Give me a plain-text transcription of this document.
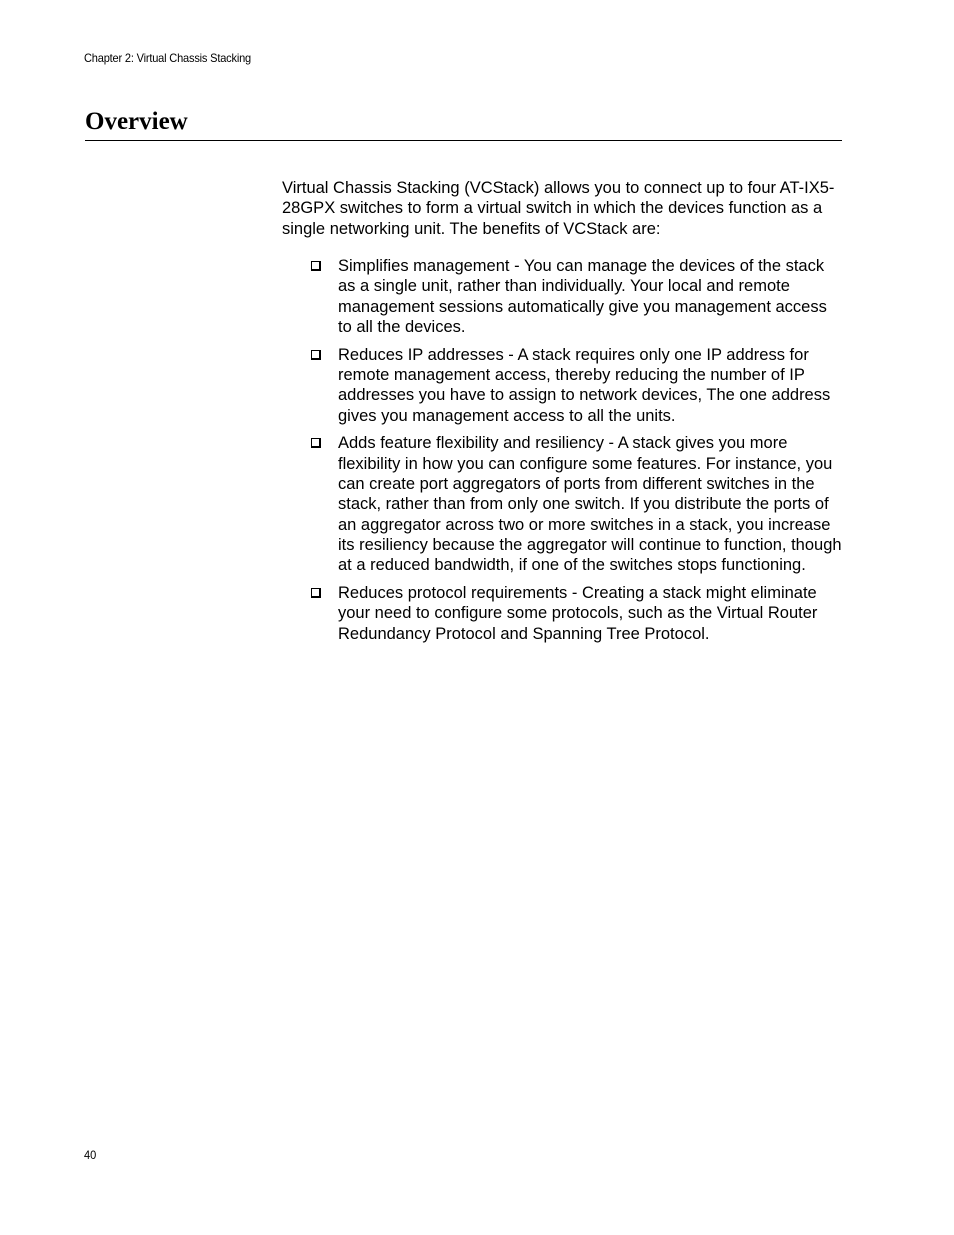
Chapter 2: Virtual Chassis Stacking
Overview

Virtual Chassis Stacking (VCStack) allows you to connect up to four AT-IX5-28GPX switches to form a virtual switch in which the devices function as a single networking unit. The benefits of VCStack are:

Simplifies management - You can manage the devices of the stack as a single unit, rather than individually. Your local and remote management sessions automatically give you management access to all the devices.
Reduces IP addresses - A stack requires only one IP address for remote management access, thereby reducing the number of IP addresses you have to assign to network devices, The one address gives you management access to all the units.
Adds feature flexibility and resiliency - A stack gives you more flexibility in how you can configure some features. For instance, you can create port aggregators of ports from different switches in the stack, rather than from only one switch. If you distribute the ports of an aggregator across two or more switches in a stack, you increase its resiliency because the aggregator will continue to function, though at a reduced bandwidth, if one of the switches stops functioning.
Reduces protocol requirements - Creating a stack might eliminate your need to configure some protocols, such as the Virtual Router Redundancy Protocol and Spanning Tree Protocol.
40
